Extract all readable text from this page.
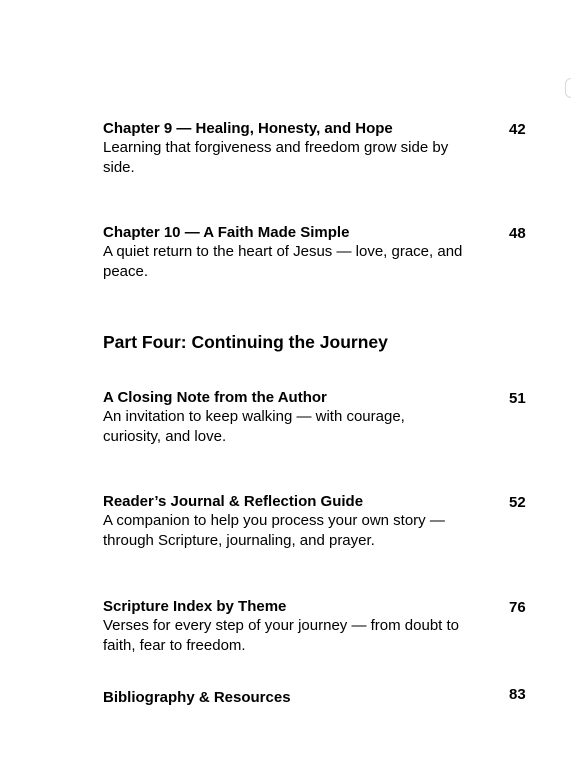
Chapter 9 — Healing, Honesty, and Hope
Learning that forgiveness and freedom grow side by side.
42
Chapter 10 — A Faith Made Simple
A quiet return to the heart of Jesus — love, grace, and peace.
48
Part Four: Continuing the Journey
A Closing Note from the Author
An invitation to keep walking — with courage, curiosity, and love.
51
Reader’s Journal & Reflection Guide
A companion to help you process your own story — through Scripture, journaling, and prayer.
52
Scripture Index by Theme
Verses for every step of your journey — from doubt to faith, fear to freedom.
76
Bibliography & Resources	83
